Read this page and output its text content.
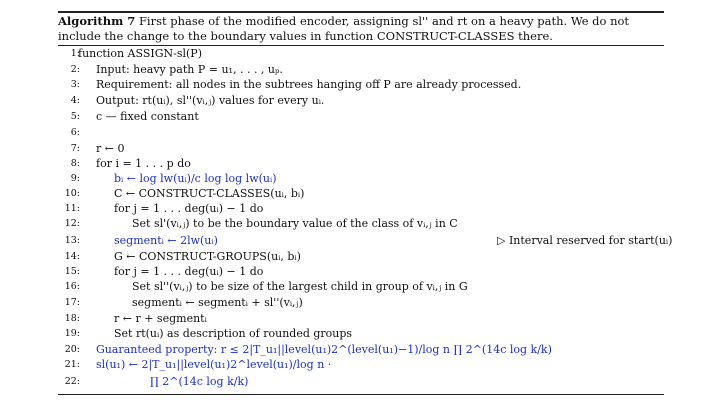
Algorithm 7 First phase of the modified encoder, assigning sl'' and rt on a heavy path. We do not include the change to the boundary values in function CONSTRUCT-CLASSES there.
1:
function ASSIGN-sl(P)
2: Input: heavy path P = u₁, . . . , uₚ.
3: Requirement: all nodes in the subtrees hanging off P are already processed.
4: Output: rt(uᵢ), sl''(vᵢ,ⱼ) values for every uᵢ.
5: c — fixed constant
6:
7: r ← 0
8: for i = 1 . . . p do
9:	bᵢ ← log lw(uᵢ)/c log log lw(uᵢ)
10:	C ← CONSTRUCT-CLASSES(uᵢ, bᵢ)
11:	for j = 1 . . . deg(uᵢ) − 1 do
12:	Set sl'(vᵢ,ⱼ) to be the boundary value of the class of vᵢ,ⱼ in C
13:	segmentᵢ ← 2lw(uᵢ)	▷ Interval reserved for start(uᵢ)
14:	G ← CONSTRUCT-GROUPS(uᵢ, bᵢ)
15:	for j = 1 . . . deg(uᵢ) − 1 do
16:	Set sl''(vᵢ,ⱼ) to be size of the largest child in group of vᵢ,ⱼ in G
17:	segmentᵢ ← segmentᵢ + sl''(vᵢ,ⱼ)
18:	r ← r + segmentᵢ
19:	Set rt(uᵢ) as description of rounded groups
20: Guaranteed property: r ≤ 2|T_u₁||level(u₁)2^(level(u₁)−1)/log n ∏ 2^(14c log k/k)
21: sl(u₁) ← 2|T_u₁||level(u₁)2^level(u₁)/log n ·
22:	∏ 2^(14c log k/k)
